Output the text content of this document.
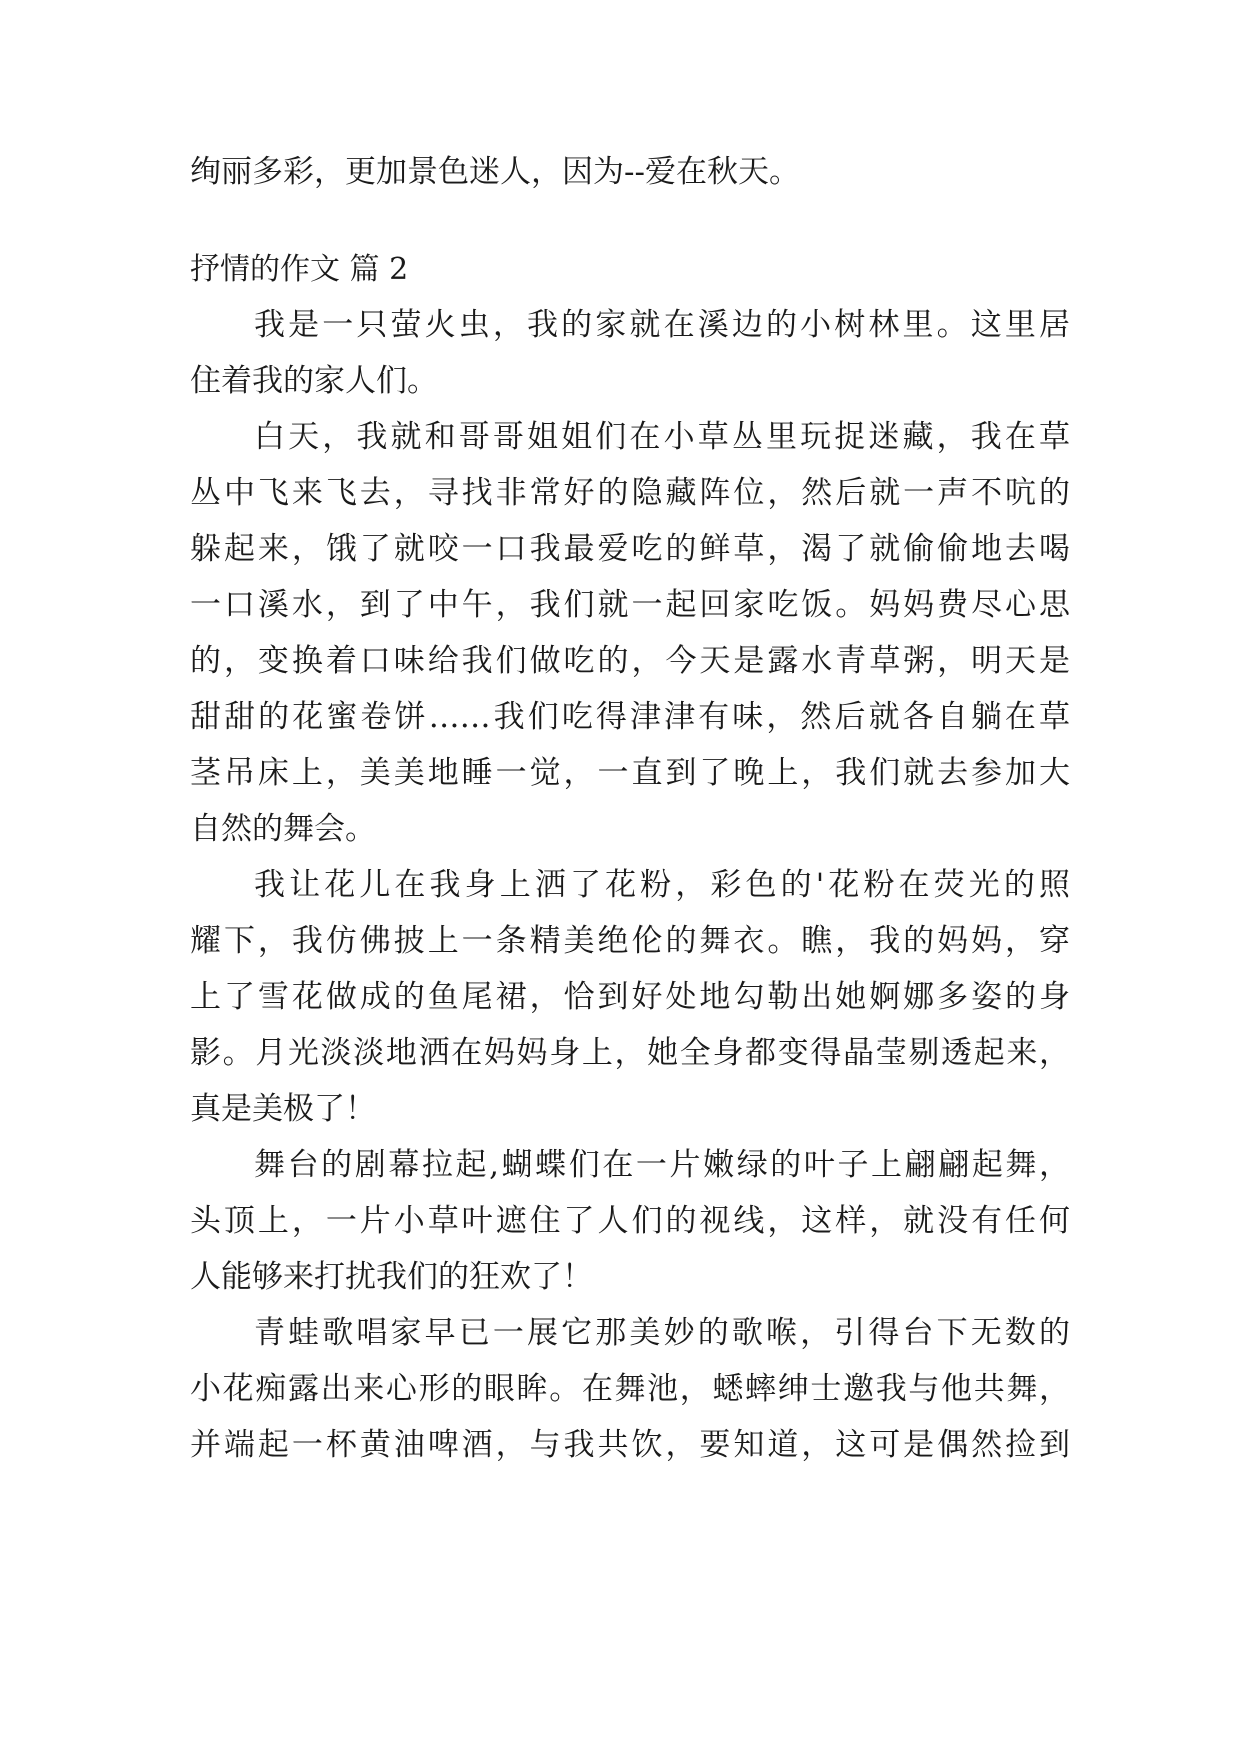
绚丽多彩，更加景色迷人，因为--爱在秋天。
抒情的作文 篇 2
我是一只萤火虫，我的家就在溪边的小树林里。这里居
住着我的家人们。
白天，我就和哥哥姐姐们在小草丛里玩捉迷藏，我在草
丛中飞来飞去，寻找非常好的隐藏阵位，然后就一声不吭的
躲起来，饿了就咬一口我最爱吃的鲜草，渴了就偷偷地去喝
一口溪水，到了中午，我们就一起回家吃饭。妈妈费尽心思
的，变换着口味给我们做吃的，今天是露水青草粥，明天是
甜甜的花蜜卷饼……我们吃得津津有味，然后就各自躺在草
茎吊床上，美美地睡一觉，一直到了晚上，我们就去参加大
自然的舞会。
我让花儿在我身上洒了花粉，彩色的'花粉在荧光的照
耀下，我仿佛披上一条精美绝伦的舞衣。瞧，我的妈妈，穿
上了雪花做成的鱼尾裙，恰到好处地勾勒出她婀娜多姿的身
影。月光淡淡地洒在妈妈身上，她全身都变得晶莹剔透起来，
真是美极了！
舞台的剧幕拉起,蝴蝶们在一片嫩绿的叶子上翩翩起舞，
头顶上，一片小草叶遮住了人们的视线，这样，就没有任何
人能够来打扰我们的狂欢了！
青蛙歌唱家早已一展它那美妙的歌喉，引得台下无数的
小花痴露出来心形的眼眸。在舞池，蟋蟀绅士邀我与他共舞，
并端起一杯黄油啤酒，与我共饮，要知道，这可是偶然捡到
